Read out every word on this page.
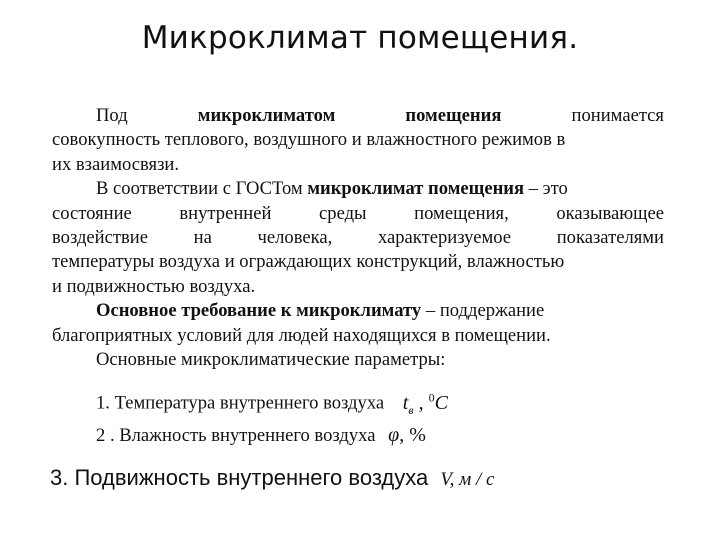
Микроклимат помещения.
Под	микроклиматом	помещения	понимается
совокупность теплового, воздушного и влажностного режимов в
их взаимосвязи.
В соответствии с ГОСТом микроклимат помещения – это
состояние внутренней среды помещения, оказывающее
воздействие на человека, характеризуемое показателями
температуры воздуха и ограждающих конструкций, влажностью
и подвижностью воздуха.
Основное требование к микроклимату – поддержание
благоприятных условий для людей находящихся в помещении.
Основные микроклиматические параметры:
1. Температура внутреннего воздуха $t_в$ , $^0$C
2 . Влажность внутреннего воздуха φ, %
3. Подвижность внутреннего воздуха V, м / с
